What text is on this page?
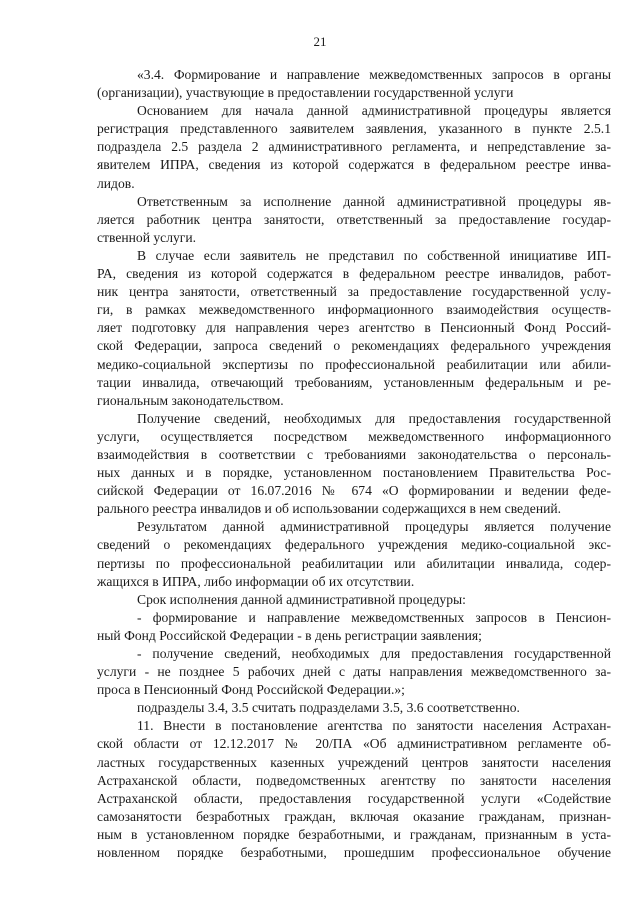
21
«3.4. Формирование и направление межведомственных запросов в органы
(организации), участвующие в предоставлении государственной услуги
Основанием для начала данной административной процедуры является
регистрация представленного заявителем заявления, указанного в пункте 2.5.1
подраздела 2.5 раздела 2 административного регламента, и непредставление за-
явителем ИПРА, сведения из которой содержатся в федеральном реестре инва-
лидов.
Ответственным за исполнение данной административной процедуры яв-
ляется работник центра занятости, ответственный за предоставление государ-
ственной услуги.
В случае если заявитель не представил по собственной инициативе ИП-
РА, сведения из которой содержатся в федеральном реестре инвалидов, работ-
ник центра занятости, ответственный за предоставление государственной услу-
ги, в рамках межведомственного информационного взаимодействия осуществ-
ляет подготовку для направления через агентство в Пенсионный Фонд Россий-
ской Федерации, запроса сведений о рекомендациях федерального учреждения
медико-социальной экспертизы по профессиональной реабилитации или абили-
тации инвалида, отвечающий требованиям, установленным федеральным и ре-
гиональным законодательством.
Получение сведений, необходимых для предоставления государственной
услуги, осуществляется посредством межведомственного информационного
взаимодействия в соответствии с требованиями законодательства о персональ-
ных данных и в порядке, установленном постановлением Правительства Рос-
сийской Федерации от 16.07.2016 № 674 «О формировании и ведении феде-
рального реестра инвалидов и об использовании содержащихся в нем сведений.
Результатом данной административной процедуры является получение
сведений о рекомендациях федерального учреждения медико-социальной экс-
пертизы по профессиональной реабилитации или абилитации инвалида, содер-
жащихся в ИПРА, либо информации об их отсутствии.
Срок исполнения данной административной процедуры:
- формирование и направление межведомственных запросов в Пенсион-
ный Фонд Российской Федерации - в день регистрации заявления;
- получение сведений, необходимых для предоставления государственной
услуги - не позднее 5 рабочих дней с даты направления межведомственного за-
проса в Пенсионный Фонд Российской Федерации.»;
подразделы 3.4, 3.5 считать подразделами 3.5, 3.6 соответственно.
11. Внести в постановление агентства по занятости населения Астрахан-
ской области от 12.12.2017 № 20/ПА «Об административном регламенте об-
ластных государственных казенных учреждений центров занятости населения
Астраханской области, подведомственных агентству по занятости населения
Астраханской области, предоставления государственной услуги «Содействие
самозанятости безработных граждан, включая оказание гражданам, признан-
ным в установленном порядке безработными, и гражданам, признанным в уста-
новленном порядке безработными, прошедшим профессиональное обучение
